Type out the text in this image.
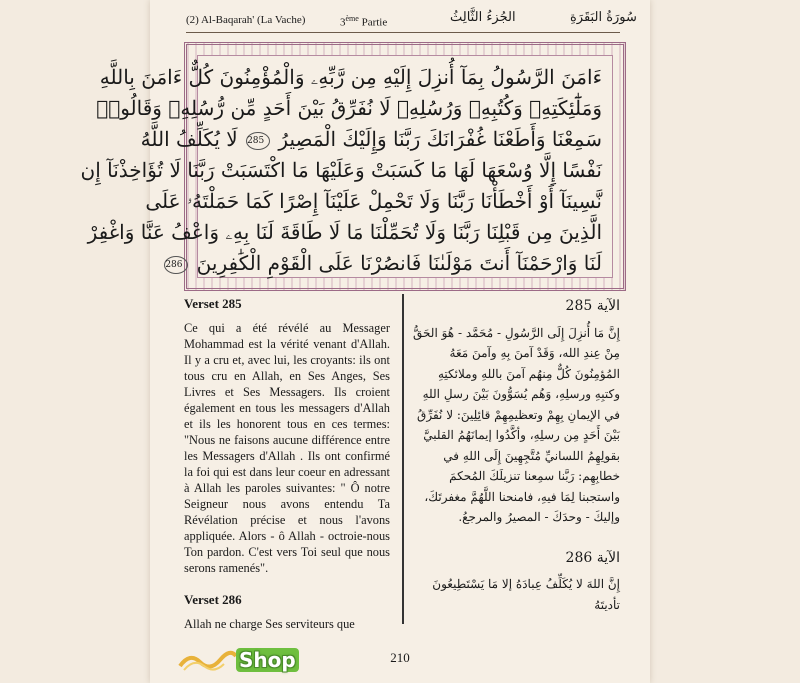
(2) Al-Baqarah' (La Vache)	3ème Partie	الجُزءُ الثَّالِثُ	سُورَةُ البَقَرَةِ
ءَامَنَ الرَّسُولُ بِمَآ أُنزِلَ إِلَيْهِ مِن رَّبِّهِۦ وَالْمُؤْمِنُونَ كُلٌّ ءَامَنَ بِاللَّهِ
وَمَلَٰٓئِكَتِهِۦ وَكُتُبِهِۦ وَرُسُلِهِۦ لَا نُفَرِّقُ بَيْنَ أَحَدٍ مِّن رُّسُلِهِۦ وَقَالُوا۟
سَمِعْنَا وَأَطَعْنَا غُفْرَانَكَ رَبَّنَا وَإِلَيْكَ الْمَصِيرُ 285 لَا يُكَلِّفُ اللَّهُ
نَفْسًا إِلَّا وُسْعَهَا لَهَا مَا كَسَبَتْ وَعَلَيْهَا مَا اكْتَسَبَتْ رَبَّنَا لَا تُؤَاخِذْنَآ إِن
نَّسِينَآ أَوْ أَخْطَأْنَا رَبَّنَا وَلَا تَحْمِلْ عَلَيْنَآ إِصْرًا كَمَا حَمَلْتَهُۥ عَلَى
الَّذِينَ مِن قَبْلِنَا رَبَّنَا وَلَا تُحَمِّلْنَا مَا لَا طَاقَةَ لَنَا بِهِۦ وَاعْفُ عَنَّا وَاغْفِرْ
لَنَا وَارْحَمْنَآ أَنتَ مَوْلَىٰنَا فَانصُرْنَا عَلَى الْقَوْمِ الْكَٰفِرِينَ 286
Verset 285

Ce qui a été révélé au Messager Mohammad est la vérité venant d'Allah. Il y a cru et, avec lui, les croyants: ils ont tous cru en Allah, en Ses Anges, Ses Livres et Ses Messagers. Ils croient également en tous les messagers d'Allah et ils les honorent tous en ces termes: "Nous ne faisons aucune différence entre les Messagers d'Allah . Ils ont confirmé la foi qui est dans leur coeur en adressant à Allah les paroles suivantes: " Ô notre Seigneur nous avons entendu Ta Révélation précise et nous l'avons appliquée. Alors - ô Allah - octroie-nous Ton pardon. C'est vers Toi seul que nous serons ramenés".

Verset 286

Allah ne charge Ses serviteurs que

الآية 285

إِنَّ مَا أُنزِلَ إِلَى الرَّسُولِ - مُحَمَّد - هُوَ الحَقُّ مِنْ عِندِ الله، وَقَدْ آمنَ بِهِ وآمنَ مَعَهُ المُؤمِنُونَ كُلٌّ مِنهُم آمنَ باللهِ وملائكتِهِ وكتبِهِ ورسلِهِ، وَهُم يُسَوُّونَ بَيْنَ رسلِ اللهِ في الإيمانِ بِهِمْ وتعظيمِهِمْ قائِلِينَ: لا نُفَرِّقُ بَيْنَ أَحَدٍ مِن رسلِهِ، وأكَّدُوا إيمانَهُمُ القلبيَّ بقولِهِمُ اللسانيِّ مُتَّجِهِينَ إِلَى اللهِ في خطابِهِم: رَبَّنا سمِعنا تنزيلَكَ المُحكمَ واستجبنا لِمَا فيهِ، فامنحنا اللَّهُمَّ مغفرتَكَ، وإليكَ - وحدَكَ - المصيرُ والمرجعُ.

الآية 286

إِنَّ اللهَ لا يُكَلِّفُ عِبادَهُ إلا مَا يَسْتَطِيعُونَ تأديتَهُ

210
Shop
